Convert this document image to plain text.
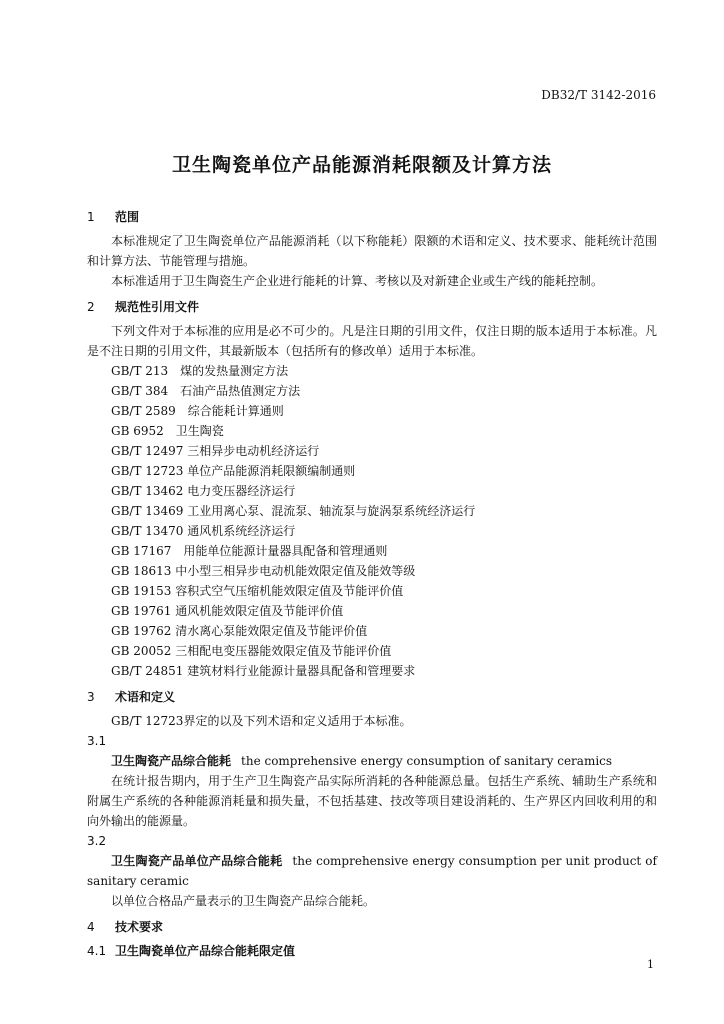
DB32/T 3142-2016
卫生陶瓷单位产品能源消耗限额及计算方法
1 范围

本标准规定了卫生陶瓷单位产品能源消耗（以下称能耗）限额的术语和定义、技术要求、能耗统计范围和计算方法、节能管理与措施。

本标准适用于卫生陶瓷生产企业进行能耗的计算、考核以及对新建企业或生产线的能耗控制。

2 规范性引用文件

下列文件对于本标准的应用是必不可少的。凡是注日期的引用文件，仅注日期的版本适用于本标准。凡是不注日期的引用文件，其最新版本（包括所有的修改单）适用于本标准。

GB/T 213　煤的发热量测定方法

GB/T 384　石油产品热值测定方法

GB/T 2589　综合能耗计算通则

GB 6952　卫生陶瓷

GB/T 12497 三相异步电动机经济运行

GB/T 12723 单位产品能源消耗限额编制通则

GB/T 13462 电力变压器经济运行

GB/T 13469 工业用离心泵、混流泵、轴流泵与旋涡泵系统经济运行

GB/T 13470 通风机系统经济运行

GB 17167　用能单位能源计量器具配备和管理通则

GB 18613 中小型三相异步电动机能效限定值及能效等级

GB 19153 容积式空气压缩机能效限定值及节能评价值

GB 19761 通风机能效限定值及节能评价值

GB 19762 清水离心泵能效限定值及节能评价值

GB 20052 三相配电变压器能效限定值及节能评价值

GB/T 24851 建筑材料行业能源计量器具配备和管理要求

3 术语和定义

GB/T 12723界定的以及下列术语和定义适用于本标准。

3.1

卫生陶瓷产品综合能耗 the comprehensive energy consumption of sanitary ceramics

在统计报告期内，用于生产卫生陶瓷产品实际所消耗的各种能源总量。包括生产系统、辅助生产系统和附属生产系统的各种能源消耗量和损失量，不包括基建、技改等项目建设消耗的、生产界区内回收利用的和向外输出的能源量。

3.2

卫生陶瓷产品单位产品综合能耗 the comprehensive energy consumption per unit product of sanitary ceramic

以单位合格品产量表示的卫生陶瓷产品综合能耗。

4 技术要求
4.1 卫生陶瓷单位产品综合能耗限定值
1
